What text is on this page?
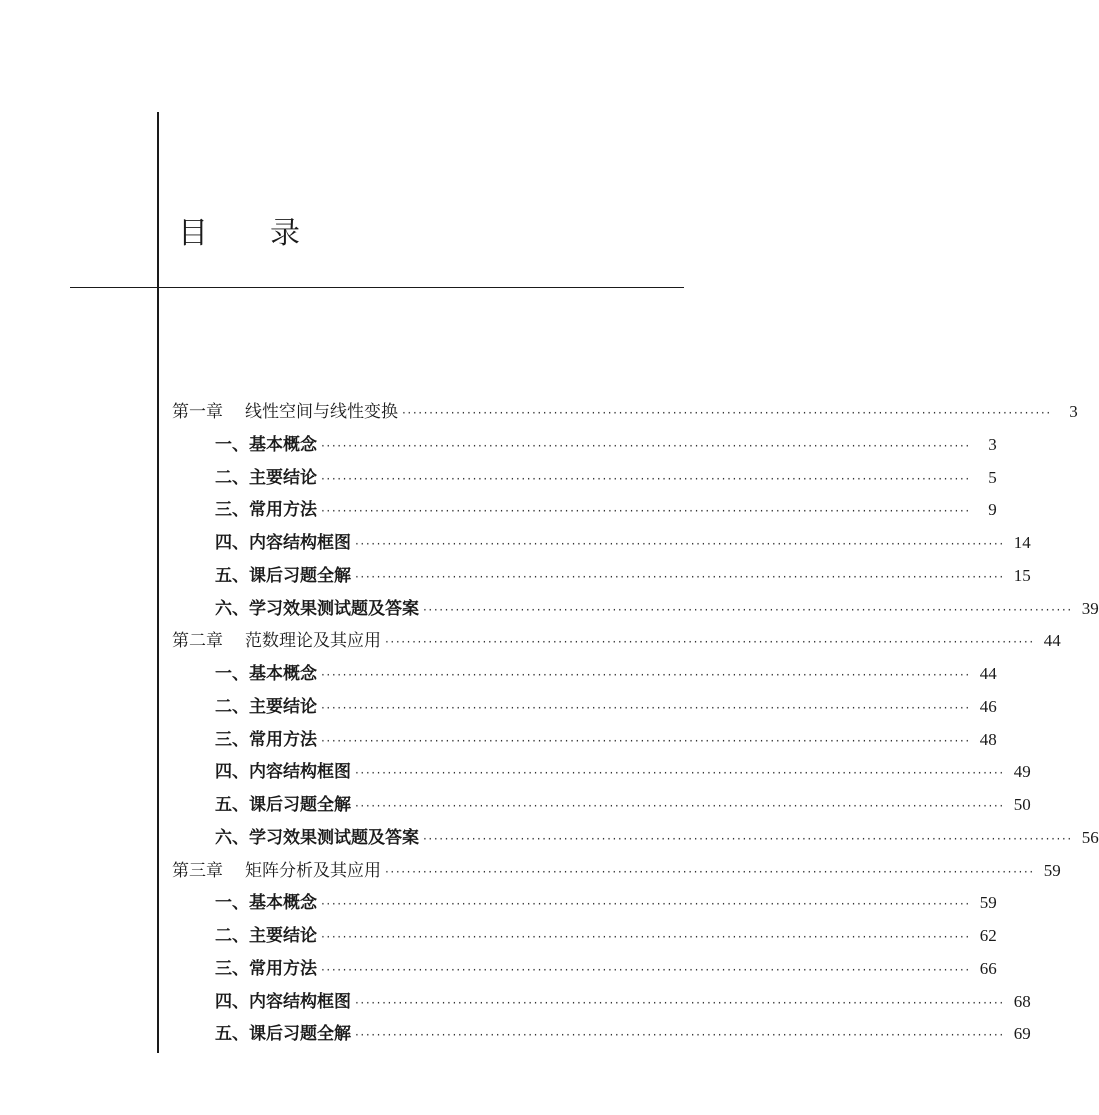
目 录
第一章 线性空间与线性变换 ························································································································	3
一、基本概念 ························································································································	3
二、主要结论 ························································································································	5
三、常用方法 ························································································································	9
四、内容结构框图 ························································································································ 14
五、课后习题全解 ························································································································ 15
六、学习效果测试题及答案 ························································································································ 39
第二章 范数理论及其应用 ························································································································ 44
一、基本概念 ························································································································ 44
二、主要结论 ························································································································ 46
三、常用方法 ························································································································ 48
四、内容结构框图 ························································································································ 49
五、课后习题全解 ························································································································ 50
六、学习效果测试题及答案 ························································································································ 56
第三章 矩阵分析及其应用 ························································································································ 59
一、基本概念 ························································································································ 59
二、主要结论 ························································································································ 62
三、常用方法 ························································································································ 66
四、内容结构框图 ························································································································ 68
五、课后习题全解 ························································································································ 69
